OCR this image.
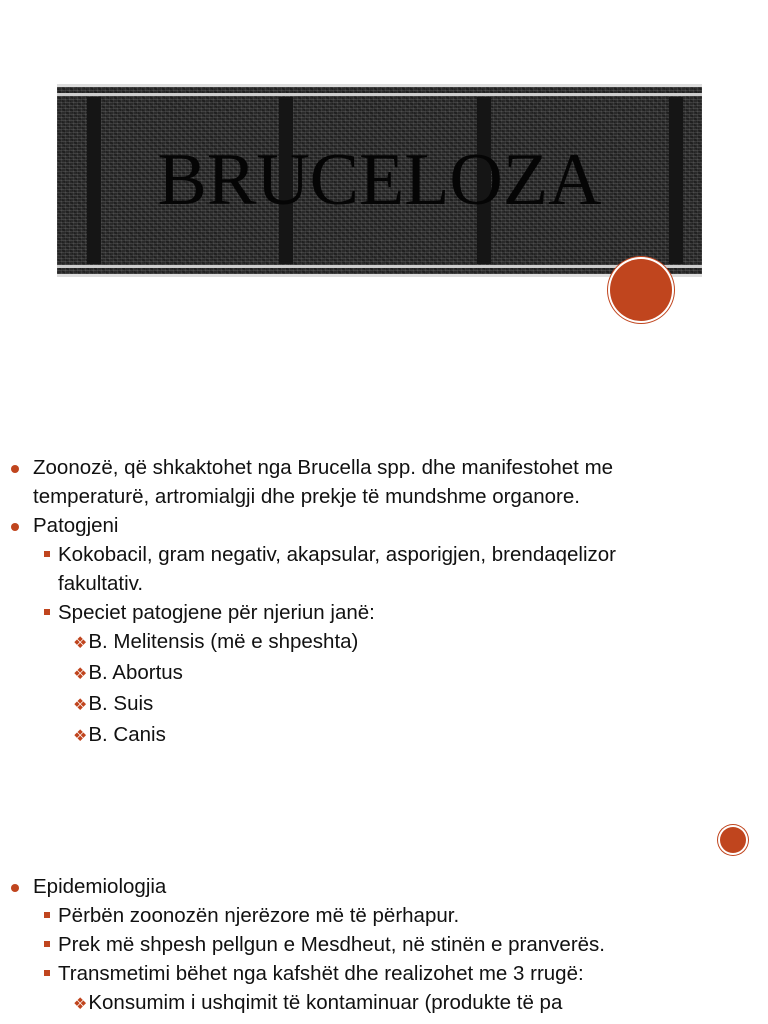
BRUCELOZA
Zoonozë, që shkaktohet nga Brucella spp. dhe manifestohet me
temperaturë, artromialgji dhe prekje të mundshme organore.
Patogjeni
Kokobacil, gram negativ, akapsular, asporigjen, brendaqelizor
fakultativ.
Speciet patogjene për njeriun janë:
❖B. Melitensis (më e shpeshta)
❖B. Abortus
❖B. Suis
❖B. Canis
Epidemiologjia
Përbën zoonozën njerëzore më të përhapur.
Prek më shpesh pellgun e Mesdheut, në stinën e pranverës.
Transmetimi bëhet nga kafshët dhe realizohet me 3 rrugë:
❖Konsumim i ushqimit të kontaminuar (produkte të pa
